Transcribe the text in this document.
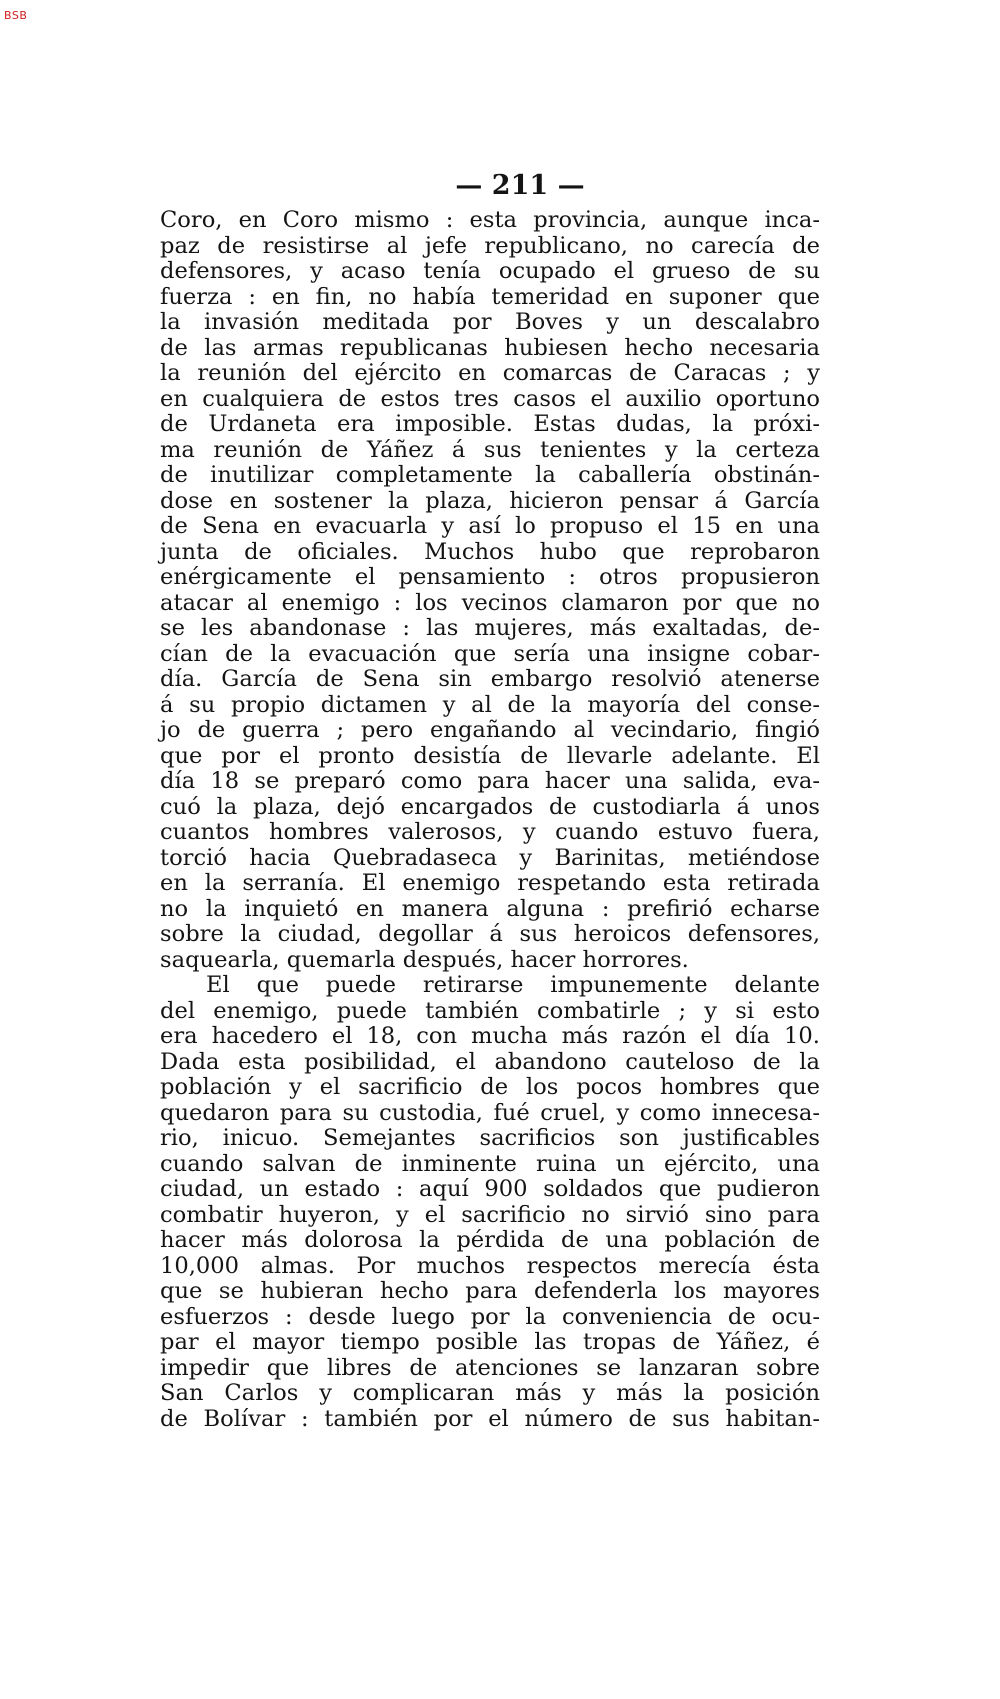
BSB
— 211 —
Coro, en Coro mismo : esta provincia, aunque inca-
paz de resistirse al jefe republicano, no carecía de
defensores, y acaso tenía ocupado el grueso de su
fuerza : en fin, no había temeridad en suponer que
la invasión meditada por Boves y un descalabro
de las armas republicanas hubiesen hecho necesaria
la reunión del ejército en comarcas de Caracas ; y
en cualquiera de estos tres casos el auxilio oportuno
de Urdaneta era imposible. Estas dudas, la próxi-
ma reunión de Yáñez á sus tenientes y la certeza
de inutilizar completamente la caballería obstinán-
dose en sostener la plaza, hicieron pensar á García
de Sena en evacuarla y así lo propuso el 15 en una
junta de oficiales. Muchos hubo que reprobaron
enérgicamente el pensamiento : otros propusieron
atacar al enemigo : los vecinos clamaron por que no
se les abandonase : las mujeres, más exaltadas, de-
cían de la evacuación que sería una insigne cobar-
día. García de Sena sin embargo resolvió atenerse
á su propio dictamen y al de la mayoría del conse-
jo de guerra ; pero engañando al vecindario, fingió
que por el pronto desistía de llevarle adelante. El
día 18 se preparó como para hacer una salida, eva-
cuó la plaza, dejó encargados de custodiarla á unos
cuantos hombres valerosos, y cuando estuvo fuera,
torció hacia Quebradaseca y Barinitas, metiéndose
en la serranía. El enemigo respetando esta retirada
no la inquietó en manera alguna : prefirió echarse
sobre la ciudad, degollar á sus heroicos defensores,
saquearla, quemarla después, hacer horrores.
El que puede retirarse impunemente delante
del enemigo, puede también combatirle ; y si esto
era hacedero el 18, con mucha más razón el día 10.
Dada esta posibilidad, el abandono cauteloso de la
población y el sacrificio de los pocos hombres que
quedaron para su custodia, fué cruel, y como innecesa-
rio, inicuo. Semejantes sacrificios son justificables
cuando salvan de inminente ruina un ejército, una
ciudad, un estado : aquí 900 soldados que pudieron
combatir huyeron, y el sacrificio no sirvió sino para
hacer más dolorosa la pérdida de una población de
10,000 almas. Por muchos respectos merecía ésta
que se hubieran hecho para defenderla los mayores
esfuerzos : desde luego por la conveniencia de ocu-
par el mayor tiempo posible las tropas de Yáñez, é
impedir que libres de atenciones se lanzaran sobre
San Carlos y complicaran más y más la posición
de Bolívar : también por el número de sus habitan-
